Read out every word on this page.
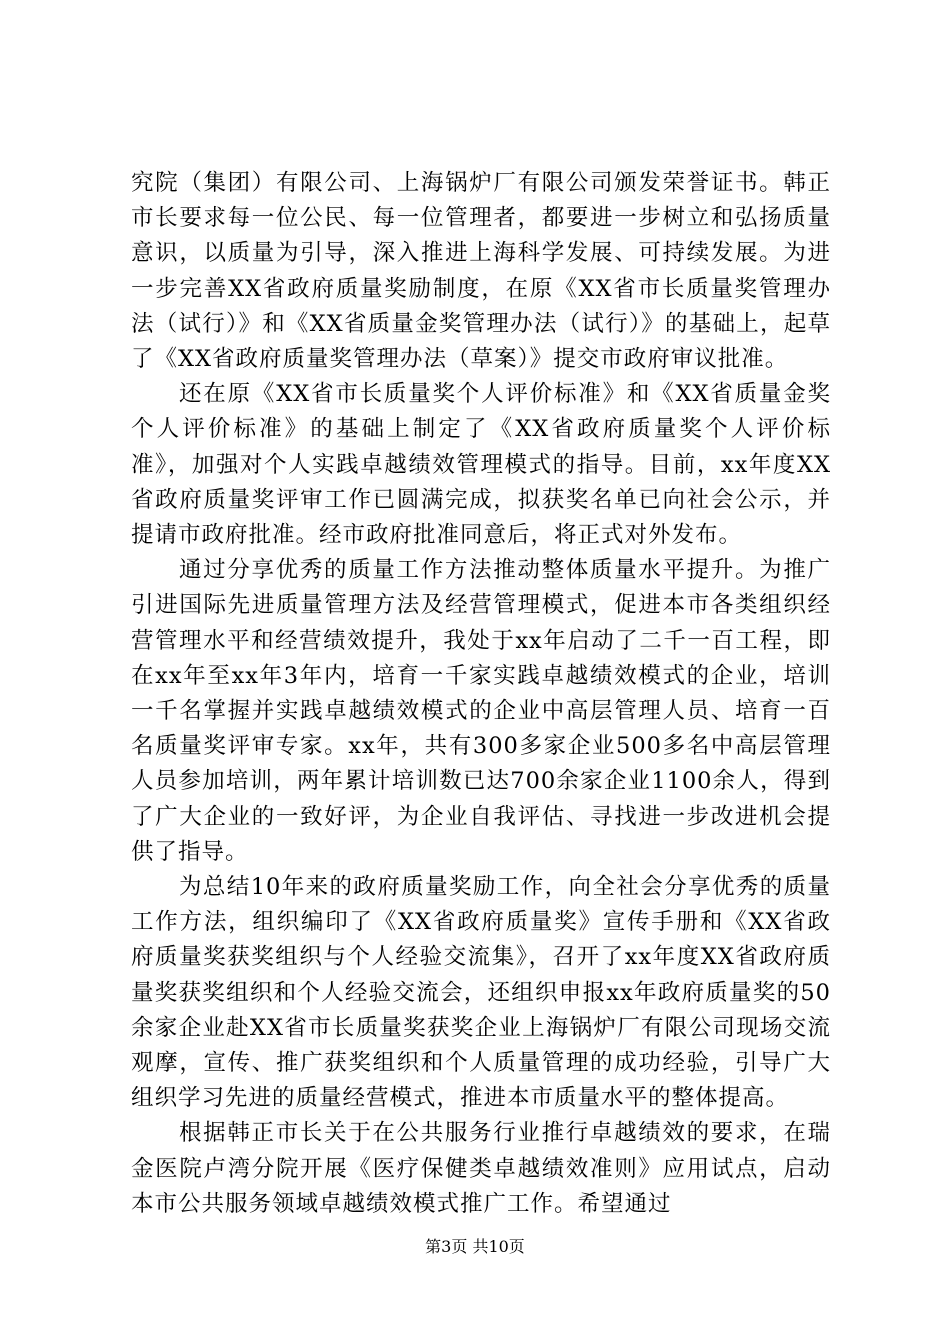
究院（集团）有限公司、上海锅炉厂有限公司颁发荣誉证书。韩正市长要求每一位公民、每一位管理者，都要进一步树立和弘扬质量意识，以质量为引导，深入推进上海科学发展、可持续发展。为进一步完善XX省政府质量奖励制度，在原《XX省市长质量奖管理办法（试行）》和《XX省质量金奖管理办法（试行）》的基础上，起草了《XX省政府质量奖管理办法（草案）》提交市政府审议批准。

还在原《XX省市长质量奖个人评价标准》和《XX省质量金奖个人评价标准》的基础上制定了《XX省政府质量奖个人评价标准》，加强对个人实践卓越绩效管理模式的指导。目前，xx年度XX省政府质量奖评审工作已圆满完成，拟获奖名单已向社会公示，并提请市政府批准。经市政府批准同意后，将正式对外发布。

通过分享优秀的质量工作方法推动整体质量水平提升。为推广引进国际先进质量管理方法及经营管理模式，促进本市各类组织经营管理水平和经营绩效提升，我处于xx年启动了二千一百工程，即在xx年至xx年3年内，培育一千家实践卓越绩效模式的企业，培训一千名掌握并实践卓越绩效模式的企业中高层管理人员、培育一百名质量奖评审专家。xx年，共有300多家企业500多名中高层管理人员参加培训，两年累计培训数已达700余家企业1100余人，得到了广大企业的一致好评，为企业自我评估、寻找进一步改进机会提供了指导。

为总结10年来的政府质量奖励工作，向全社会分享优秀的质量工作方法，组织编印了《XX省政府质量奖》宣传手册和《XX省政府质量奖获奖组织与个人经验交流集》，召开了xx年度XX省政府质量奖获奖组织和个人经验交流会，还组织申报xx年政府质量奖的50余家企业赴XX省市长质量奖获奖企业上海锅炉厂有限公司现场交流观摩，宣传、推广获奖组织和个人质量管理的成功经验，引导广大组织学习先进的质量经营模式，推进本市质量水平的整体提高。

根据韩正市长关于在公共服务行业推行卓越绩效的要求，在瑞金医院卢湾分院开展《医疗保健类卓越绩效准则》应用试点，启动本市公共服务领域卓越绩效模式推广工作。希望通过

第3页 共10页
